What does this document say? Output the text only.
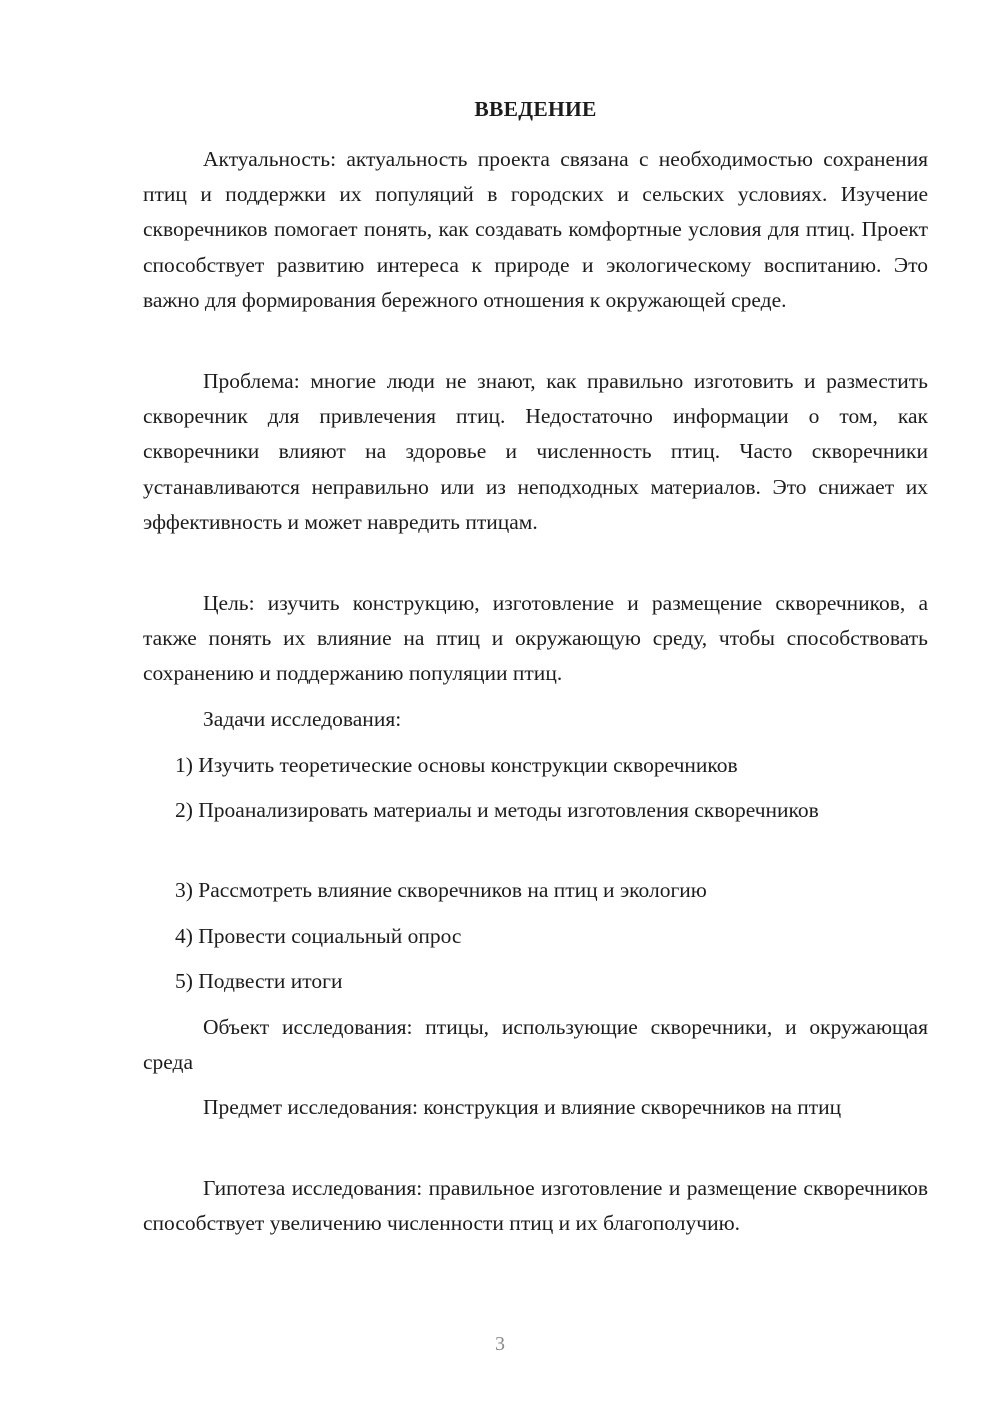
ВВЕДЕНИЕ
Актуальность: актуальность проекта связана с необходимостью сохранения птиц и поддержки их популяций в городских и сельских условиях. Изучение скворечников помогает понять, как создавать комфортные условия для птиц. Проект способствует развитию интереса к природе и экологическому воспитанию. Это важно для формирования бережного отношения к окружающей среде.
Проблема: многие люди не знают, как правильно изготовить и разместить скворечник для привлечения птиц. Недостаточно информации о том, как скворечники влияют на здоровье и численность птиц. Часто скворечники устанавливаются неправильно или из неподходных материалов. Это снижает их эффективность и может навредить птицам.
Цель: изучить конструкцию, изготовление и размещение скворечников, а также понять их влияние на птиц и окружающую среду, чтобы способствовать сохранению и поддержанию популяции птиц.
Задачи исследования:
1) Изучить теоретические основы конструкции скворечников
2) Проанализировать материалы и методы изготовления скворечников
3) Рассмотреть влияние скворечников на птиц и экологию
4) Провести социальный опрос
5) Подвести итоги
Объект исследования: птицы, использующие скворечники, и окружающая среда
Предмет исследования: конструкция и влияние скворечников на птиц
Гипотеза исследования: правильное изготовление и размещение скворечников способствует увеличению численности птиц и их благополучию.
3
